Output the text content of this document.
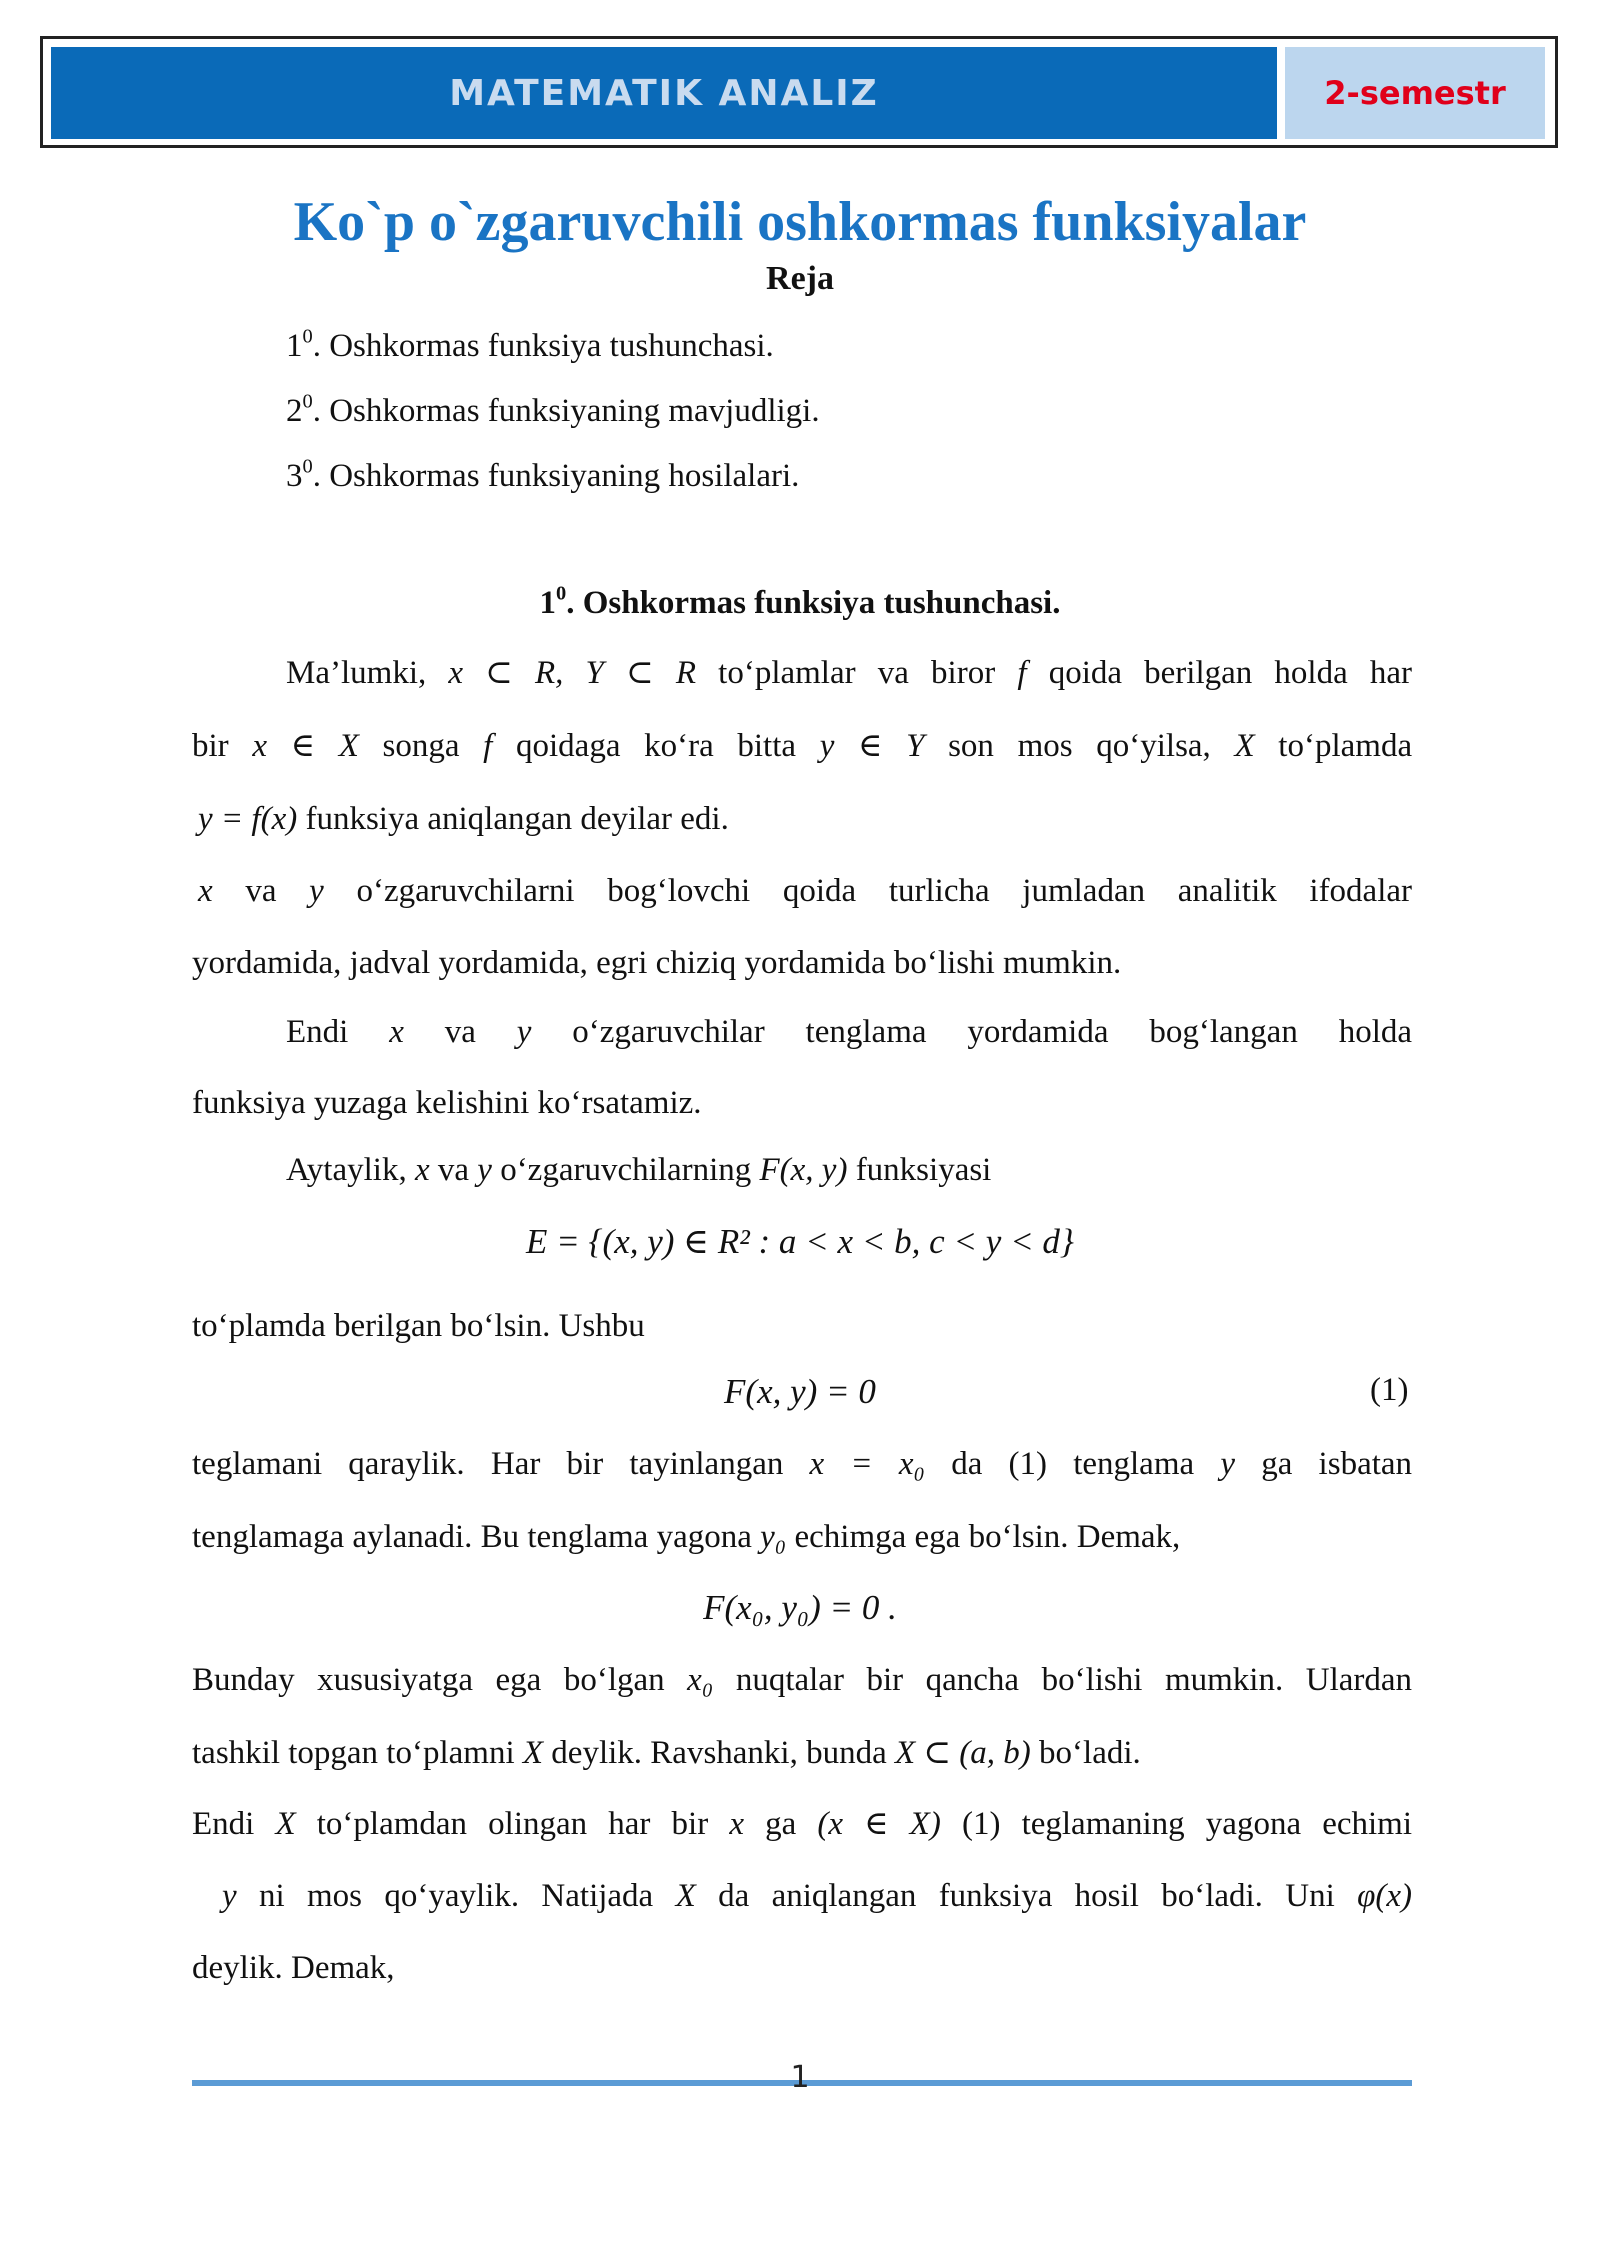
MATEMATIK ANALIZ	2-semestr
Ko`p o`zgaruvchili oshkormas funksiyalar
Reja
$1^0$. Oshkormas funksiya tushunchasi.
$2^0$. Oshkormas funksiyaning mavjudligi.
$3^0$. Oshkormas funksiyaning hosilalari.
$1^0$. Oshkormas funksiya tushunchasi.
Ma’lumki, x ⊂ R, Y ⊂ R to‘plamlar va biror f qoida berilgan holda har
bir x ∈ X songa f qoidaga ko‘ra bitta y ∈ Y son mos qo‘yilsa, X to‘plamda
y = f(x) funksiya aniqlangan deyilar edi.
x va y o‘zgaruvchilarni bog‘lovchi qoida turlicha jumladan analitik ifodalar
yordamida, jadval yordamida, egri chiziq yordamida bo‘lishi mumkin.
Endi x va y o‘zgaruvchilar tenglama yordamida bog‘langan holda
funksiya yuzaga kelishini ko‘rsatamiz.
Aytaylik, x va y o‘zgaruvchilarning F(x, y) funksiyasi
E = {(x, y) ∈ R² : a < x < b, c < y < d}
to‘plamda berilgan bo‘lsin. Ushbu
F(x, y) = 0	(1)
teglamani qaraylik. Har bir tayinlangan x = x₀ da (1) tenglama y ga isbatan
tenglamaga aylanadi. Bu tenglama yagona y₀ echimga ega bo‘lsin. Demak,
F(x₀, y₀) = 0 .
Bunday xususiyatga ega bo‘lgan x₀ nuqtalar bir qancha bo‘lishi mumkin. Ulardan
tashkil topgan to‘plamni X deylik. Ravshanki, bunda X ⊂ (a, b) bo‘ladi.
Endi X to‘plamdan olingan har bir x ga (x ∈ X) (1) teglamaning yagona echimi
y ni mos qo‘yaylik. Natijada X da aniqlangan funksiya hosil bo‘ladi. Uni φ(x)
deylik. Demak,
1
